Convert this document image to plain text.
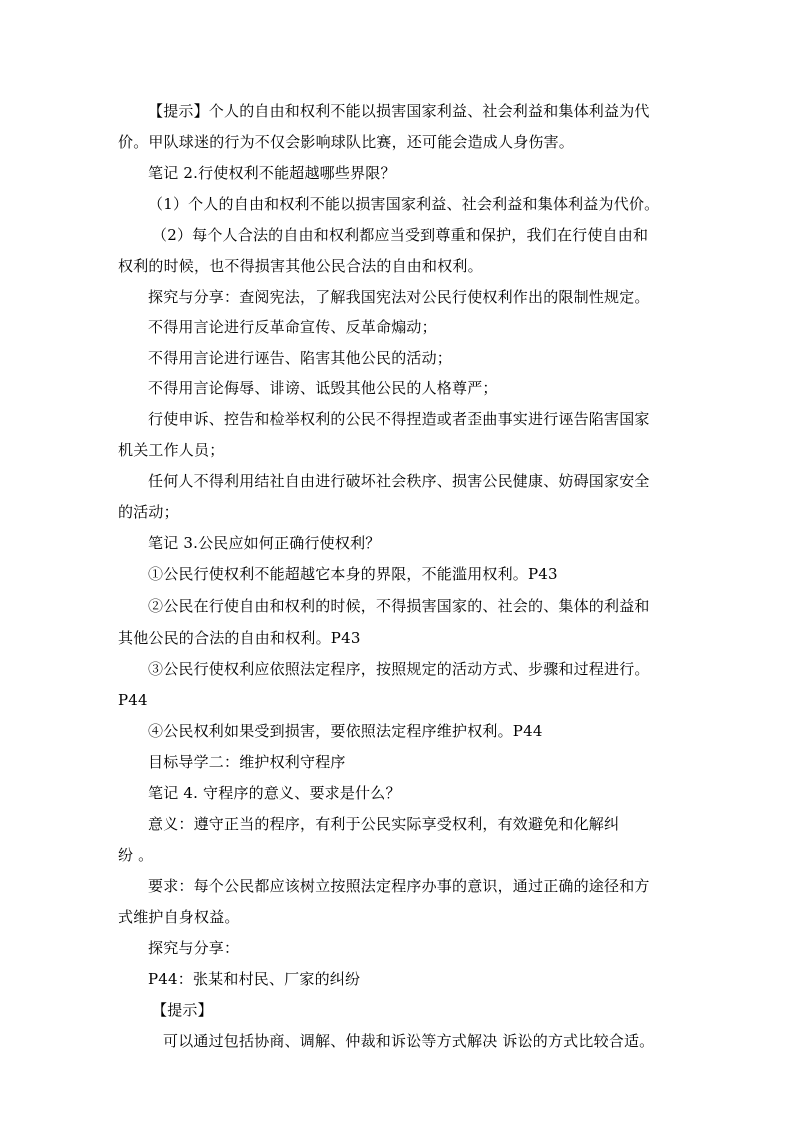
【提示】个人的自由和权利不能以损害国家利益、社会利益和集体利益为代
价。甲队球迷的行为不仅会影响球队比赛，还可能会造成人身伤害。
笔记 2.行使权利不能超越哪些界限？
（1）个人的自由和权利不能以损害国家利益、社会利益和集体利益为代价。
（2）每个人合法的自由和权利都应当受到尊重和保护，我们在行使自由和
权利的时候，也不得损害其他公民合法的自由和权利。
探究与分享：查阅宪法，了解我国宪法对公民行使权利作出的限制性规定。
不得用言论进行反革命宣传、反革命煽动；
不得用言论进行诬告、陷害其他公民的活动；
不得用言论侮辱、诽谤、诋毁其他公民的人格尊严；
行使申诉、控告和检举权利的公民不得捏造或者歪曲事实进行诬告陷害国家
机关工作人员；
任何人不得利用结社自由进行破坏社会秩序、损害公民健康、妨碍国家安全
的活动；
笔记 3.公民应如何正确行使权利？
①公民行使权利不能超越它本身的界限，不能滥用权利。P43
②公民在行使自由和权利的时候，不得损害国家的、社会的、集体的利益和
其他公民的合法的自由和权利。P43
③公民行使权利应依照法定程序，按照规定的活动方式、步骤和过程进行。
P44
④公民权利如果受到损害，要依照法定程序维护权利。P44
目标导学二：维护权利守程序
笔记 4. 守程序的意义、要求是什么？
意义：遵守正当的程序，有利于公民实际享受权利，有效避免和化解纠
纷 。
要求：每个公民都应该树立按照法定程序办事的意识，通过正确的途径和方
式维护自身权益。
探究与分享：
P44：张某和村民、厂家的纠纷
【提示】
可以通过包括协商、调解、仲裁和诉讼等方式解决 诉讼的方式比较合适。
